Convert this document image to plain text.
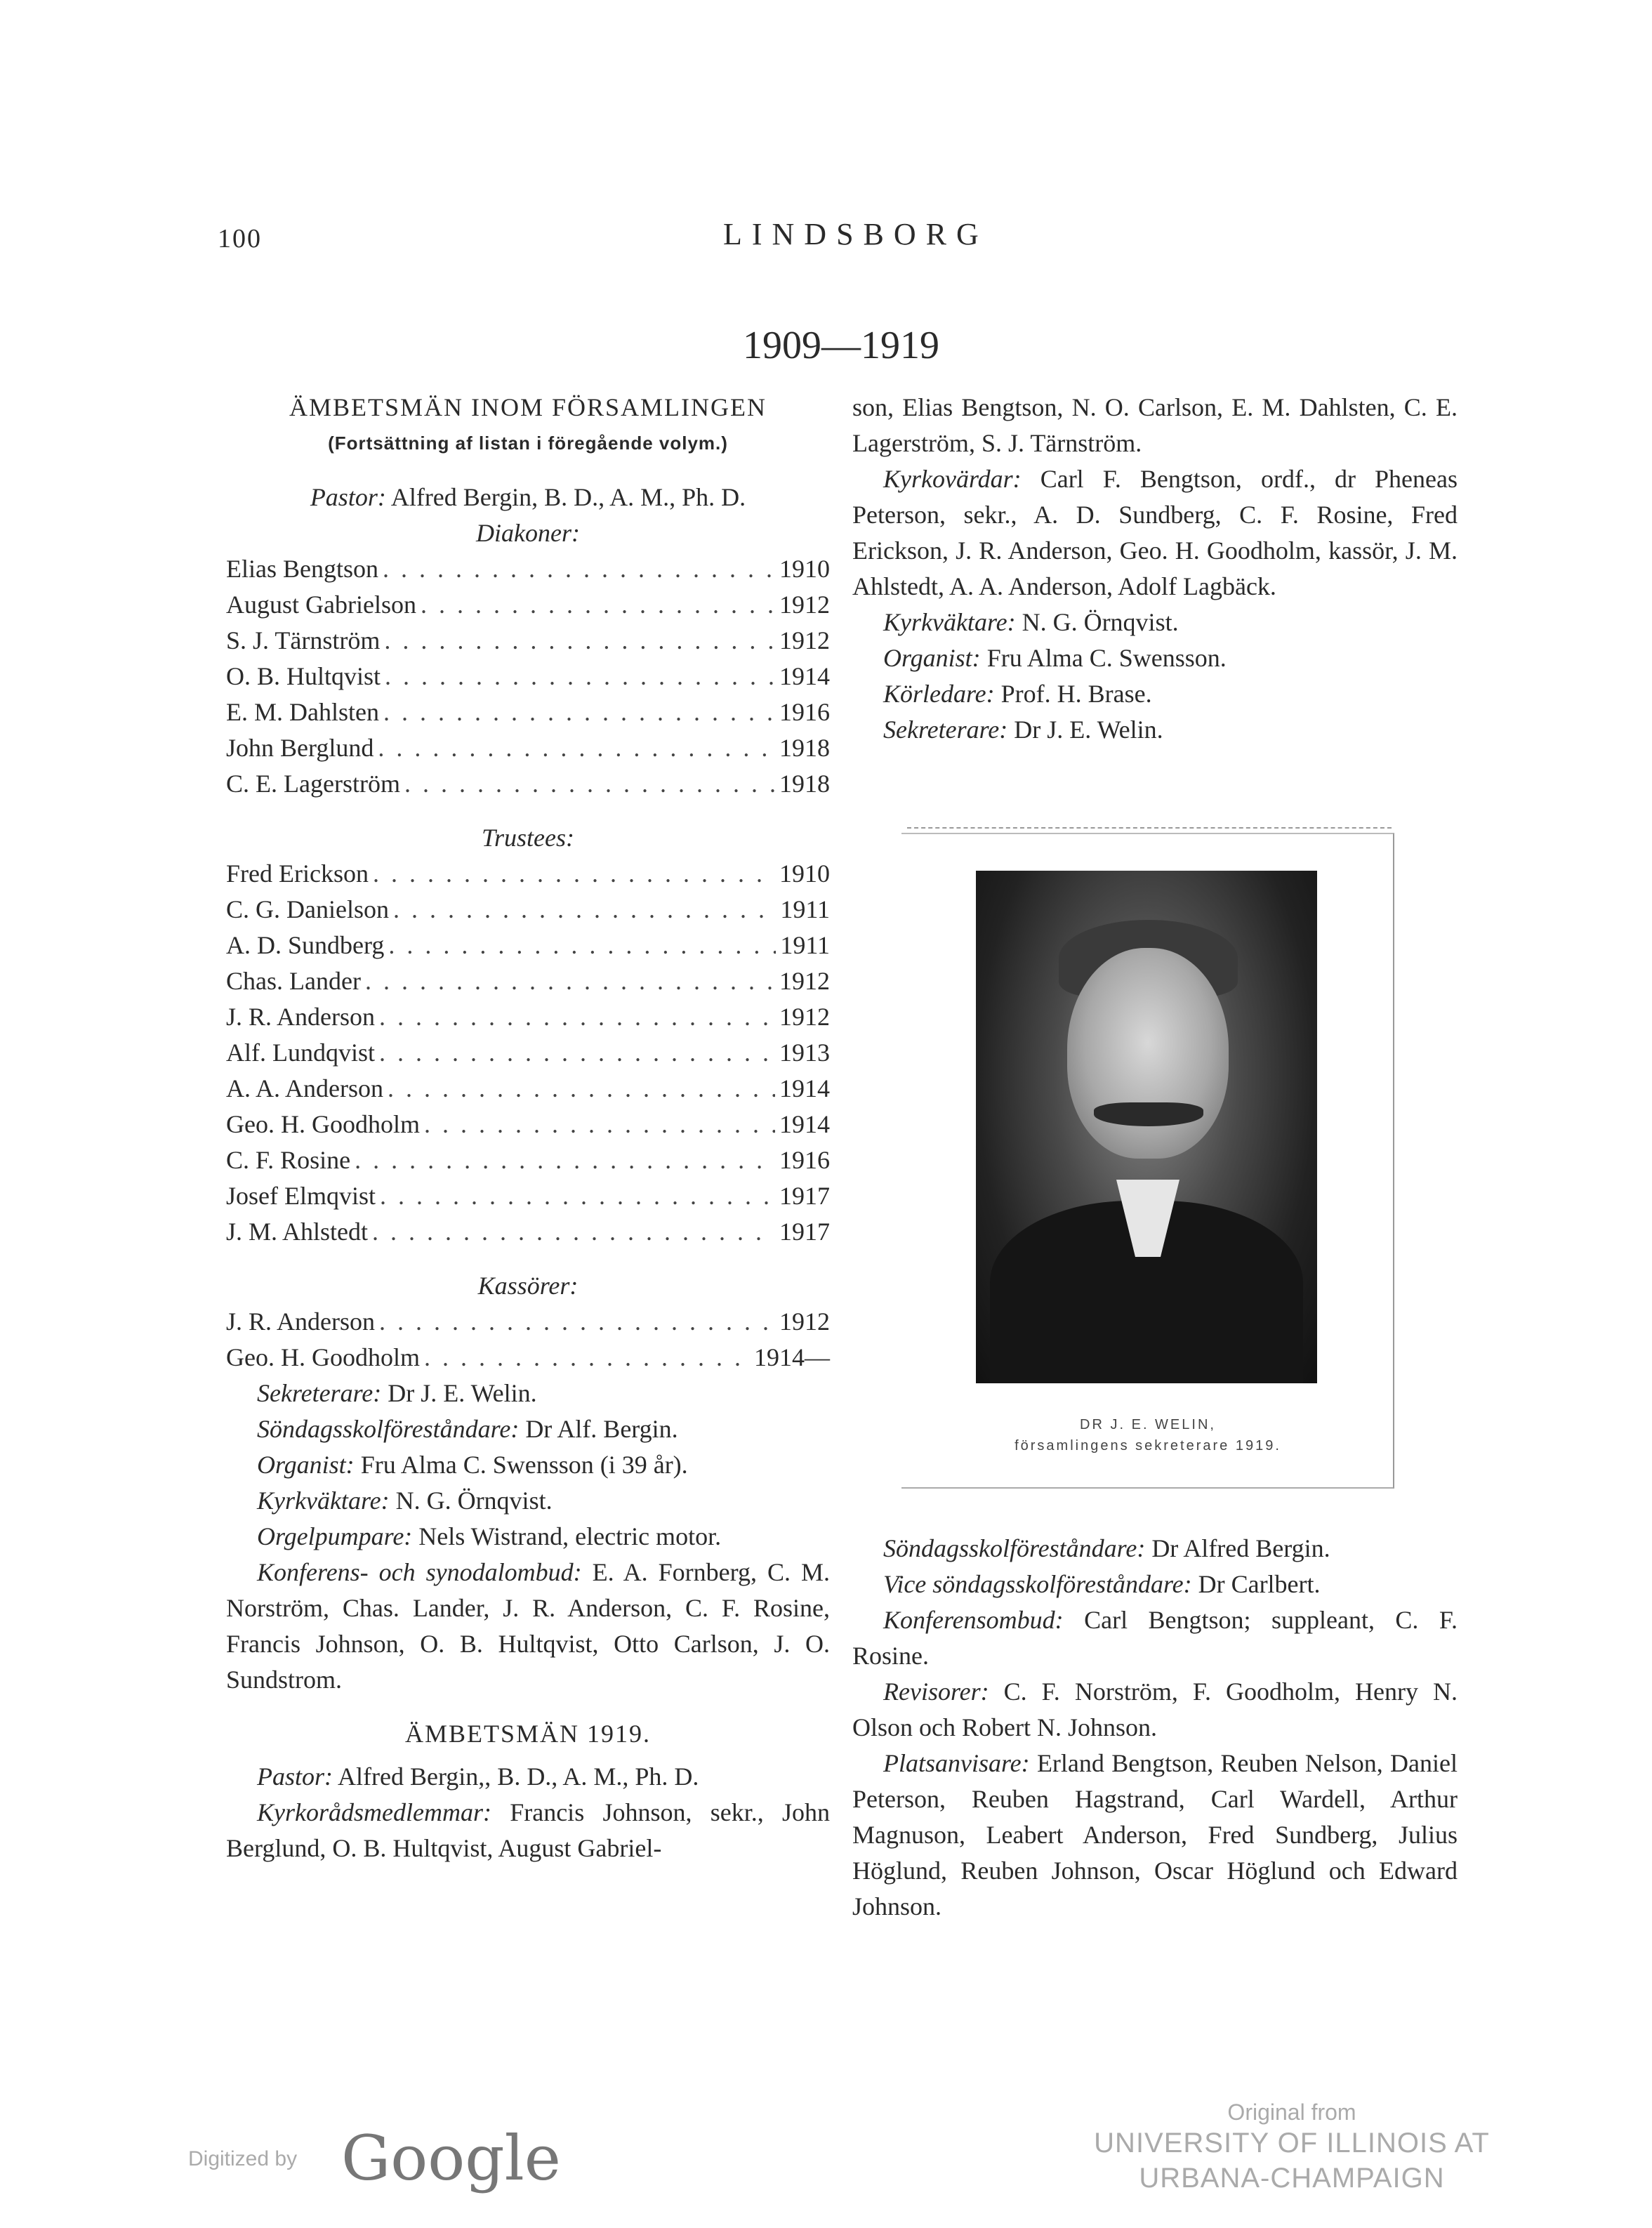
100	LINDSBORG
1909—1919
ÄMBETSMÄN INOM FÖRSAMLINGEN
(Fortsättning af listan i föregående volym.)
Pastor: Alfred Bergin, B. D., A. M., Ph. D.
Diakoner:
Elias Bengtson . . .	1910
August Gabrielson . . .	1912
S. J. Tärnström . . .	1912
O. B. Hultqvist . . .	1914
E. M. Dahlsten . . .	1916
John Berglund . . .	1918
C. E. Lagerström . . .	1918
Trustees:
Fred Erickson . . .	1910
C. G. Danielson . . .	1911
A. D. Sundberg . . .	1911
Chas. Lander . . .	1912
J. R. Anderson . . .	1912
Alf. Lundqvist . . .	1913
A. A. Anderson . . .	1914
Geo. H. Goodholm . . .	1914
C. F. Rosine . . .	1916
Josef Elmqvist . . .	1917
J. M. Ahlstedt . . .	1917
Kassörer:
J. R. Anderson . . .	1912
Geo. H. Goodholm . . .	1914—
Sekreterare: Dr J. E. Welin.
Söndagsskolföreståndare: Dr Alf. Bergin.
Organist: Fru Alma C. Swensson (i 39 år).
Kyrkväktare: N. G. Örnqvist.
Orgelpumpare: Nels Wistrand, electric motor.
Konferens- och synodalombud: E. A. Fornberg, C. M. Norström, Chas. Lander, J. R. Anderson, C. F. Rosine, Francis Johnson, O. B. Hultqvist, Otto Carlson, J. O. Sundstrom.
ÄMBETSMÄN 1919.
Pastor: Alfred Bergin,, B. D., A. M., Ph. D.
Kyrkorådsmedlemmar: Francis Johnson, sekr., John Berglund, O. B. Hultqvist, August Gabriel-
son, Elias Bengtson, N. O. Carlson, E. M. Dahlsten, C. E. Lagerström, S. J. Tärnström.
Kyrkovärdar: Carl F. Bengtson, ordf., dr Pheneas Peterson, sekr., A. D. Sundberg, C. F. Rosine, Fred Erickson, J. R. Anderson, Geo. H. Goodholm, kassör, J. M. Ahlstedt, A. A. Anderson, Adolf Lagbäck.
Kyrkväktare: N. G. Örnqvist.
Organist: Fru Alma C. Swensson.
Körledare: Prof. H. Brase.
Sekreterare: Dr J. E. Welin.
DR J. E. WELIN,
församlingens sekreterare 1919.
Söndagsskolföreståndare: Dr Alfred Bergin.
Vice söndagsskolföreståndare: Dr Carlbert.
Konferensombud: Carl Bengtson; suppleant, C. F. Rosine.
Revisorer: C. F. Norström, F. Goodholm, Henry N. Olson och Robert N. Johnson.
Platsanvisare: Erland Bengtson, Reuben Nelson, Daniel Peterson, Reuben Hagstrand, Carl Wardell, Arthur Magnuson, Leabert Anderson, Fred Sundberg, Julius Höglund, Reuben Johnson, Oscar Höglund och Edward Johnson.
Digitized by Google
Original from
UNIVERSITY OF ILLINOIS AT
URBANA-CHAMPAIGN
